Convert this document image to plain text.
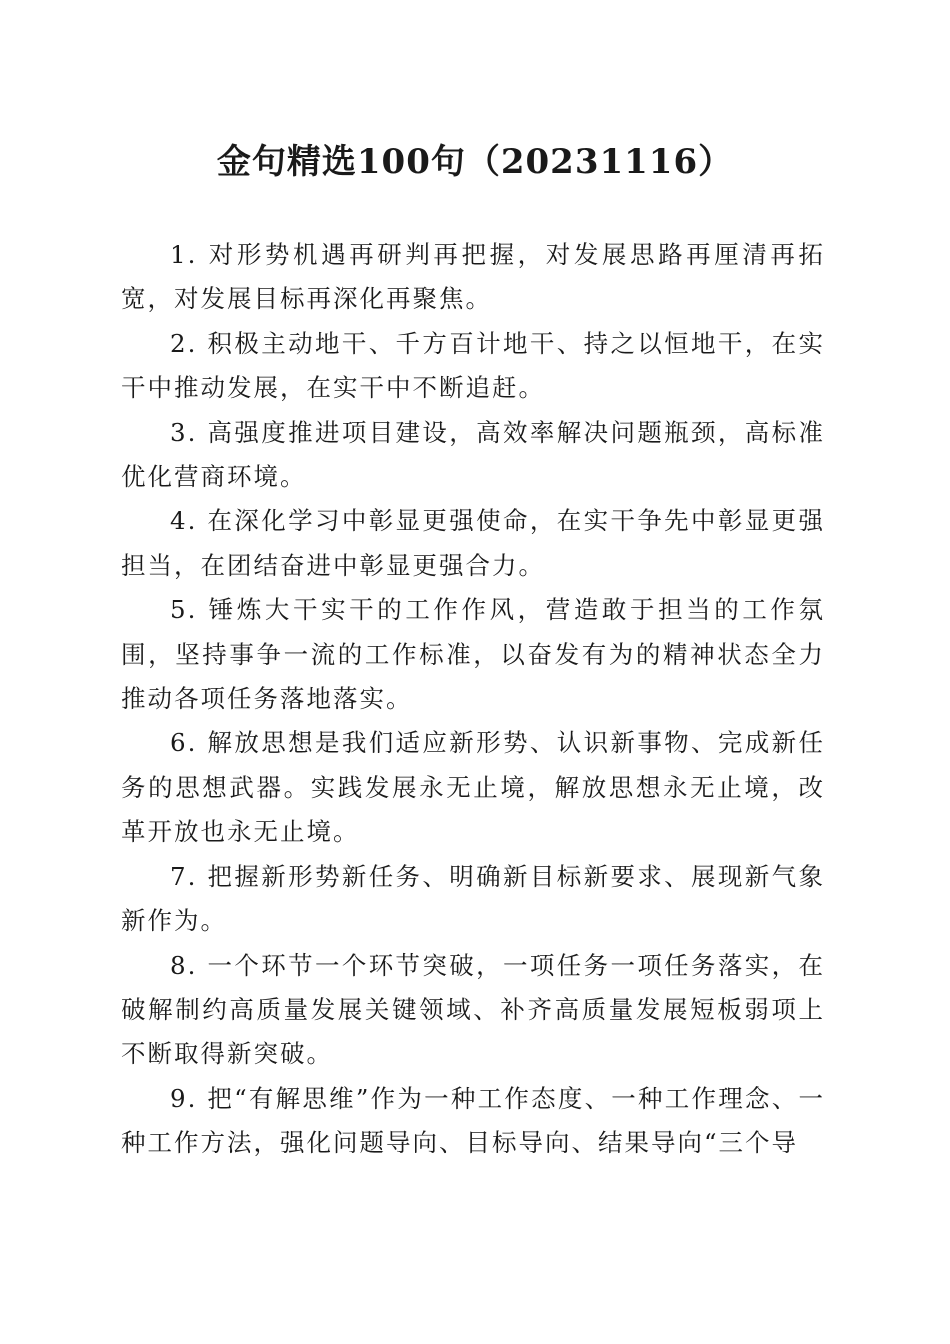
金句精选100句（20231116）

1. 对形势机遇再研判再把握，对发展思路再厘清再拓宽，对发展目标再深化再聚焦。

2. 积极主动地干、千方百计地干、持之以恒地干，在实干中推动发展，在实干中不断追赶。

3. 高强度推进项目建设，高效率解决问题瓶颈，高标准优化营商环境。

4. 在深化学习中彰显更强使命，在实干争先中彰显更强担当，在团结奋进中彰显更强合力。

5. 锤炼大干实干的工作作风，营造敢于担当的工作氛围，坚持事争一流的工作标准，以奋发有为的精神状态全力推动各项任务落地落实。

6. 解放思想是我们适应新形势、认识新事物、完成新任务的思想武器。实践发展永无止境，解放思想永无止境，改革开放也永无止境。

7. 把握新形势新任务、明确新目标新要求、展现新气象新作为。

8. 一个环节一个环节突破，一项任务一项任务落实，在破解制约高质量发展关键领域、补齐高质量发展短板弱项上不断取得新突破。

9. 把“有解思维”作为一种工作态度、一种工作理念、一种工作方法，强化问题导向、目标导向、结果导向“三个导
